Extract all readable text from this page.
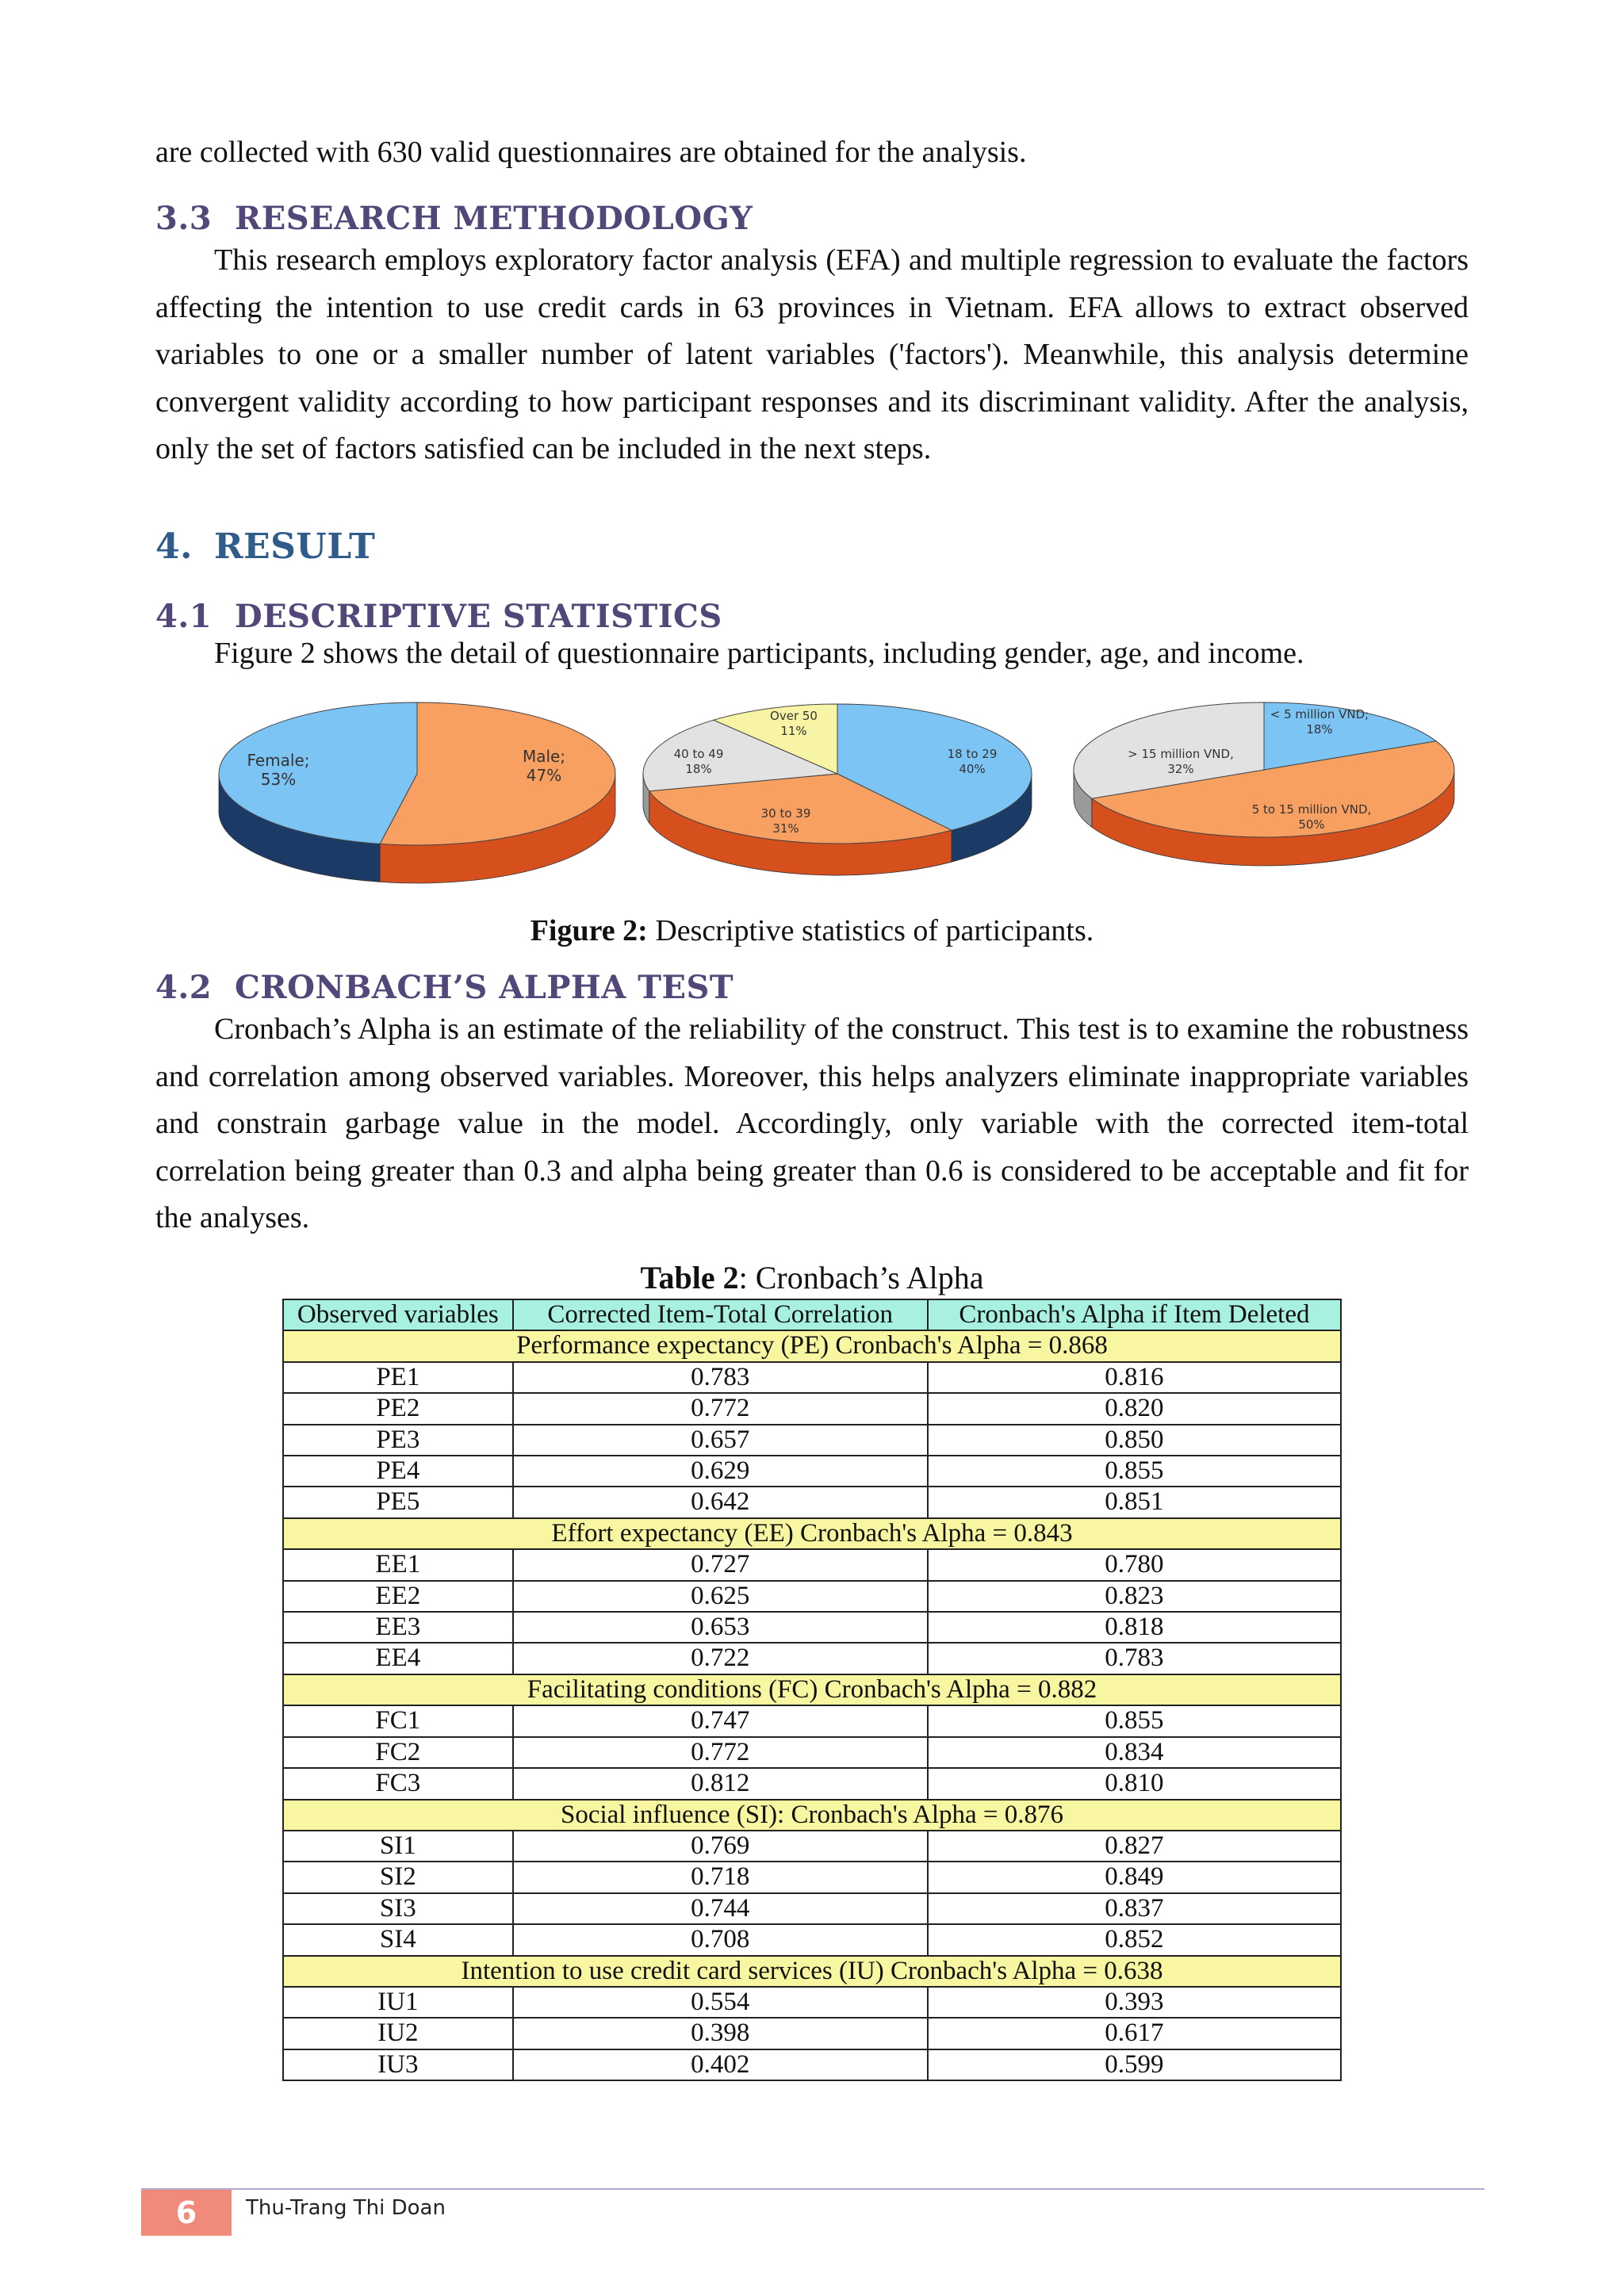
are collected with 630 valid questionnaires are obtained for the analysis.

3.3 RESEARCH METHODOLOGY

This research employs exploratory factor analysis (EFA) and multiple regression to evaluate the factors affecting the intention to use credit cards in 63 provinces in Vietnam. EFA allows to extract observed variables to one or a smaller number of latent variables ('factors'). Meanwhile, this analysis determine convergent validity according to how participant responses and its discriminant validity. After the analysis, only the set of factors satisfied can be included in the next steps.

4. RESULT
4.1 DESCRIPTIVE STATISTICS

Figure 2 shows the detail of questionnaire participants, including gender, age, and income.

Female;
53%
Male;
47%
18 to 29
40%
30 to 39
31%
40 to 49
18%
Over 50
11%
< 5 million VND;
18%
5 to 15 million VND,
50%
> 15 million VND,
32%

Figure 2: Descriptive statistics of participants.

4.2 CRONBACH’S ALPHA TEST

Cronbach’s Alpha is an estimate of the reliability of the construct. This test is to examine the robustness and correlation among observed variables. Moreover, this helps analyzers eliminate inappropriate variables and constrain garbage value in the model. Accordingly, only variable with the corrected item-total correlation being greater than 0.3 and alpha being greater than 0.6 is considered to be acceptable and fit for the analyses.

Table 2: Cronbach’s Alpha

Observed variables	Corrected Item-Total Correlation	Cronbach's Alpha if Item Deleted
Performance expectancy (PE) Cronbach's Alpha = 0.868		
PE1	0.783	0.816
PE2	0.772	0.820
PE3	0.657	0.850
PE4	0.629	0.855
PE5	0.642	0.851
Effort expectancy (EE) Cronbach's Alpha = 0.843		
EE1	0.727	0.780
EE2	0.625	0.823
EE3	0.653	0.818
EE4	0.722	0.783
Facilitating conditions (FC) Cronbach's Alpha = 0.882		
FC1	0.747	0.855
FC2	0.772	0.834
FC3	0.812	0.810
Social influence (SI): Cronbach's Alpha = 0.876		
SI1	0.769	0.827
SI2	0.718	0.849
SI3	0.744	0.837
SI4	0.708	0.852
Intention to use credit card services (IU) Cronbach's Alpha = 0.638		
IU1	0.554	0.393
IU2	0.398	0.617
IU3	0.402	0.599
6	Thu-Trang Thi Doan
